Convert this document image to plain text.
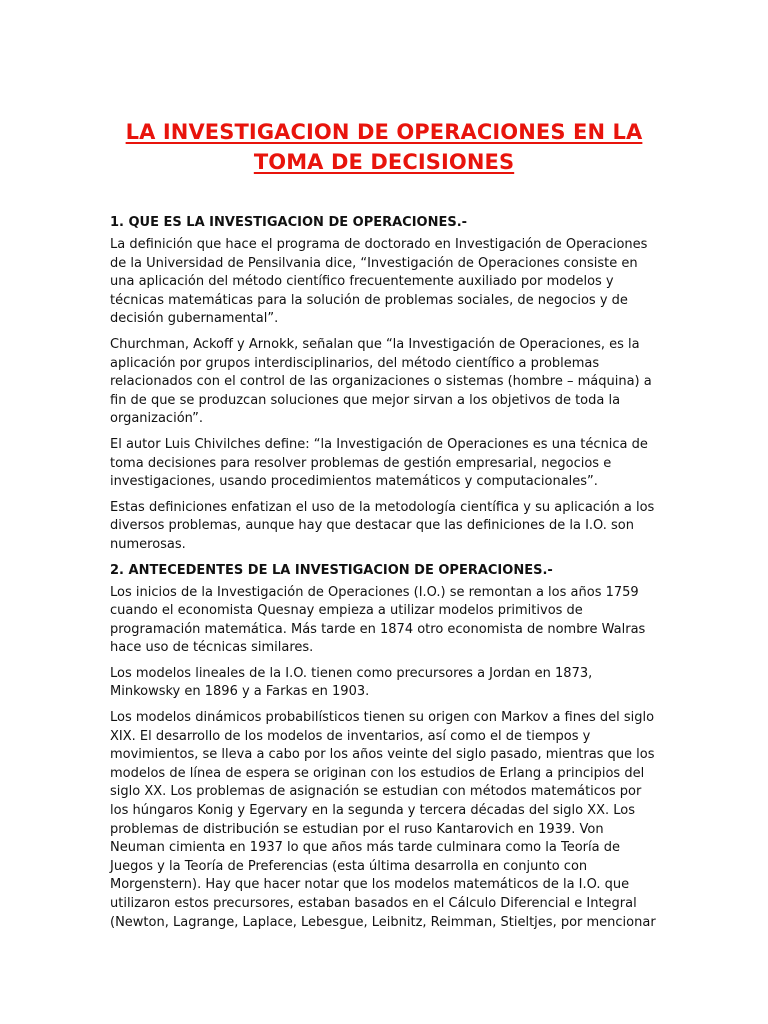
LA INVESTIGACION DE OPERACIONES EN LA
TOMA DE DECISIONES

1. QUE ES LA INVESTIGACION DE OPERACIONES.-

La definición que hace el programa de doctorado en Investigación de Operaciones de la Universidad de Pensilvania dice, “Investigación de Operaciones consiste en una aplicación del método científico frecuentemente auxiliado por modelos y técnicas matemáticas para la solución de problemas sociales, de negocios y de decisión gubernamental”.

Churchman, Ackoff y Arnokk, señalan que “la Investigación de Operaciones, es la aplicación por grupos interdisciplinarios, del método científico a problemas relacionados con el control de las organizaciones o sistemas (hombre – máquina) a fin de que se produzcan soluciones que mejor sirvan a los objetivos de toda la organización”.

El autor Luis Chivilches define: “la Investigación de Operaciones es una técnica de toma decisiones para resolver problemas de gestión empresarial, negocios e investigaciones, usando procedimientos matemáticos y computacionales”.

Estas definiciones enfatizan el uso de la metodología científica y su aplicación a los diversos problemas, aunque hay que destacar que las definiciones de la I.O. son numerosas.

2. ANTECEDENTES DE LA INVESTIGACION DE OPERACIONES.-

Los inicios de la Investigación de Operaciones (I.O.) se remontan a los años 1759 cuando el economista Quesnay empieza a utilizar modelos primitivos de programación matemática. Más tarde en 1874 otro economista de nombre Walras hace uso de técnicas similares.

Los modelos lineales de la I.O. tienen como precursores a Jordan en 1873, Minkowsky en 1896 y a Farkas en 1903.

Los modelos dinámicos probabilísticos tienen su origen con Markov a fines del siglo XIX. El desarrollo de los modelos de inventarios, así como el de tiempos y movimientos, se lleva a cabo por los años veinte del siglo pasado, mientras que los modelos de línea de espera se originan con los estudios de Erlang a principios del siglo XX. Los problemas de asignación se estudian con métodos matemáticos por los húngaros Konig y Egervary en la segunda y tercera décadas del siglo XX. Los problemas de distribución se estudian por el ruso Kantarovich en 1939. Von Neuman cimienta en 1937 lo que años más tarde culminara como la Teoría de Juegos y la Teoría de Preferencias (esta última desarrolla en conjunto con Morgenstern). Hay que hacer notar que los modelos matemáticos de la I.O. que utilizaron estos precursores, estaban basados en el Cálculo Diferencial e Integral (Newton, Lagrange, Laplace, Lebesgue, Leibnitz, Reimman, Stieltjes, por mencionar
